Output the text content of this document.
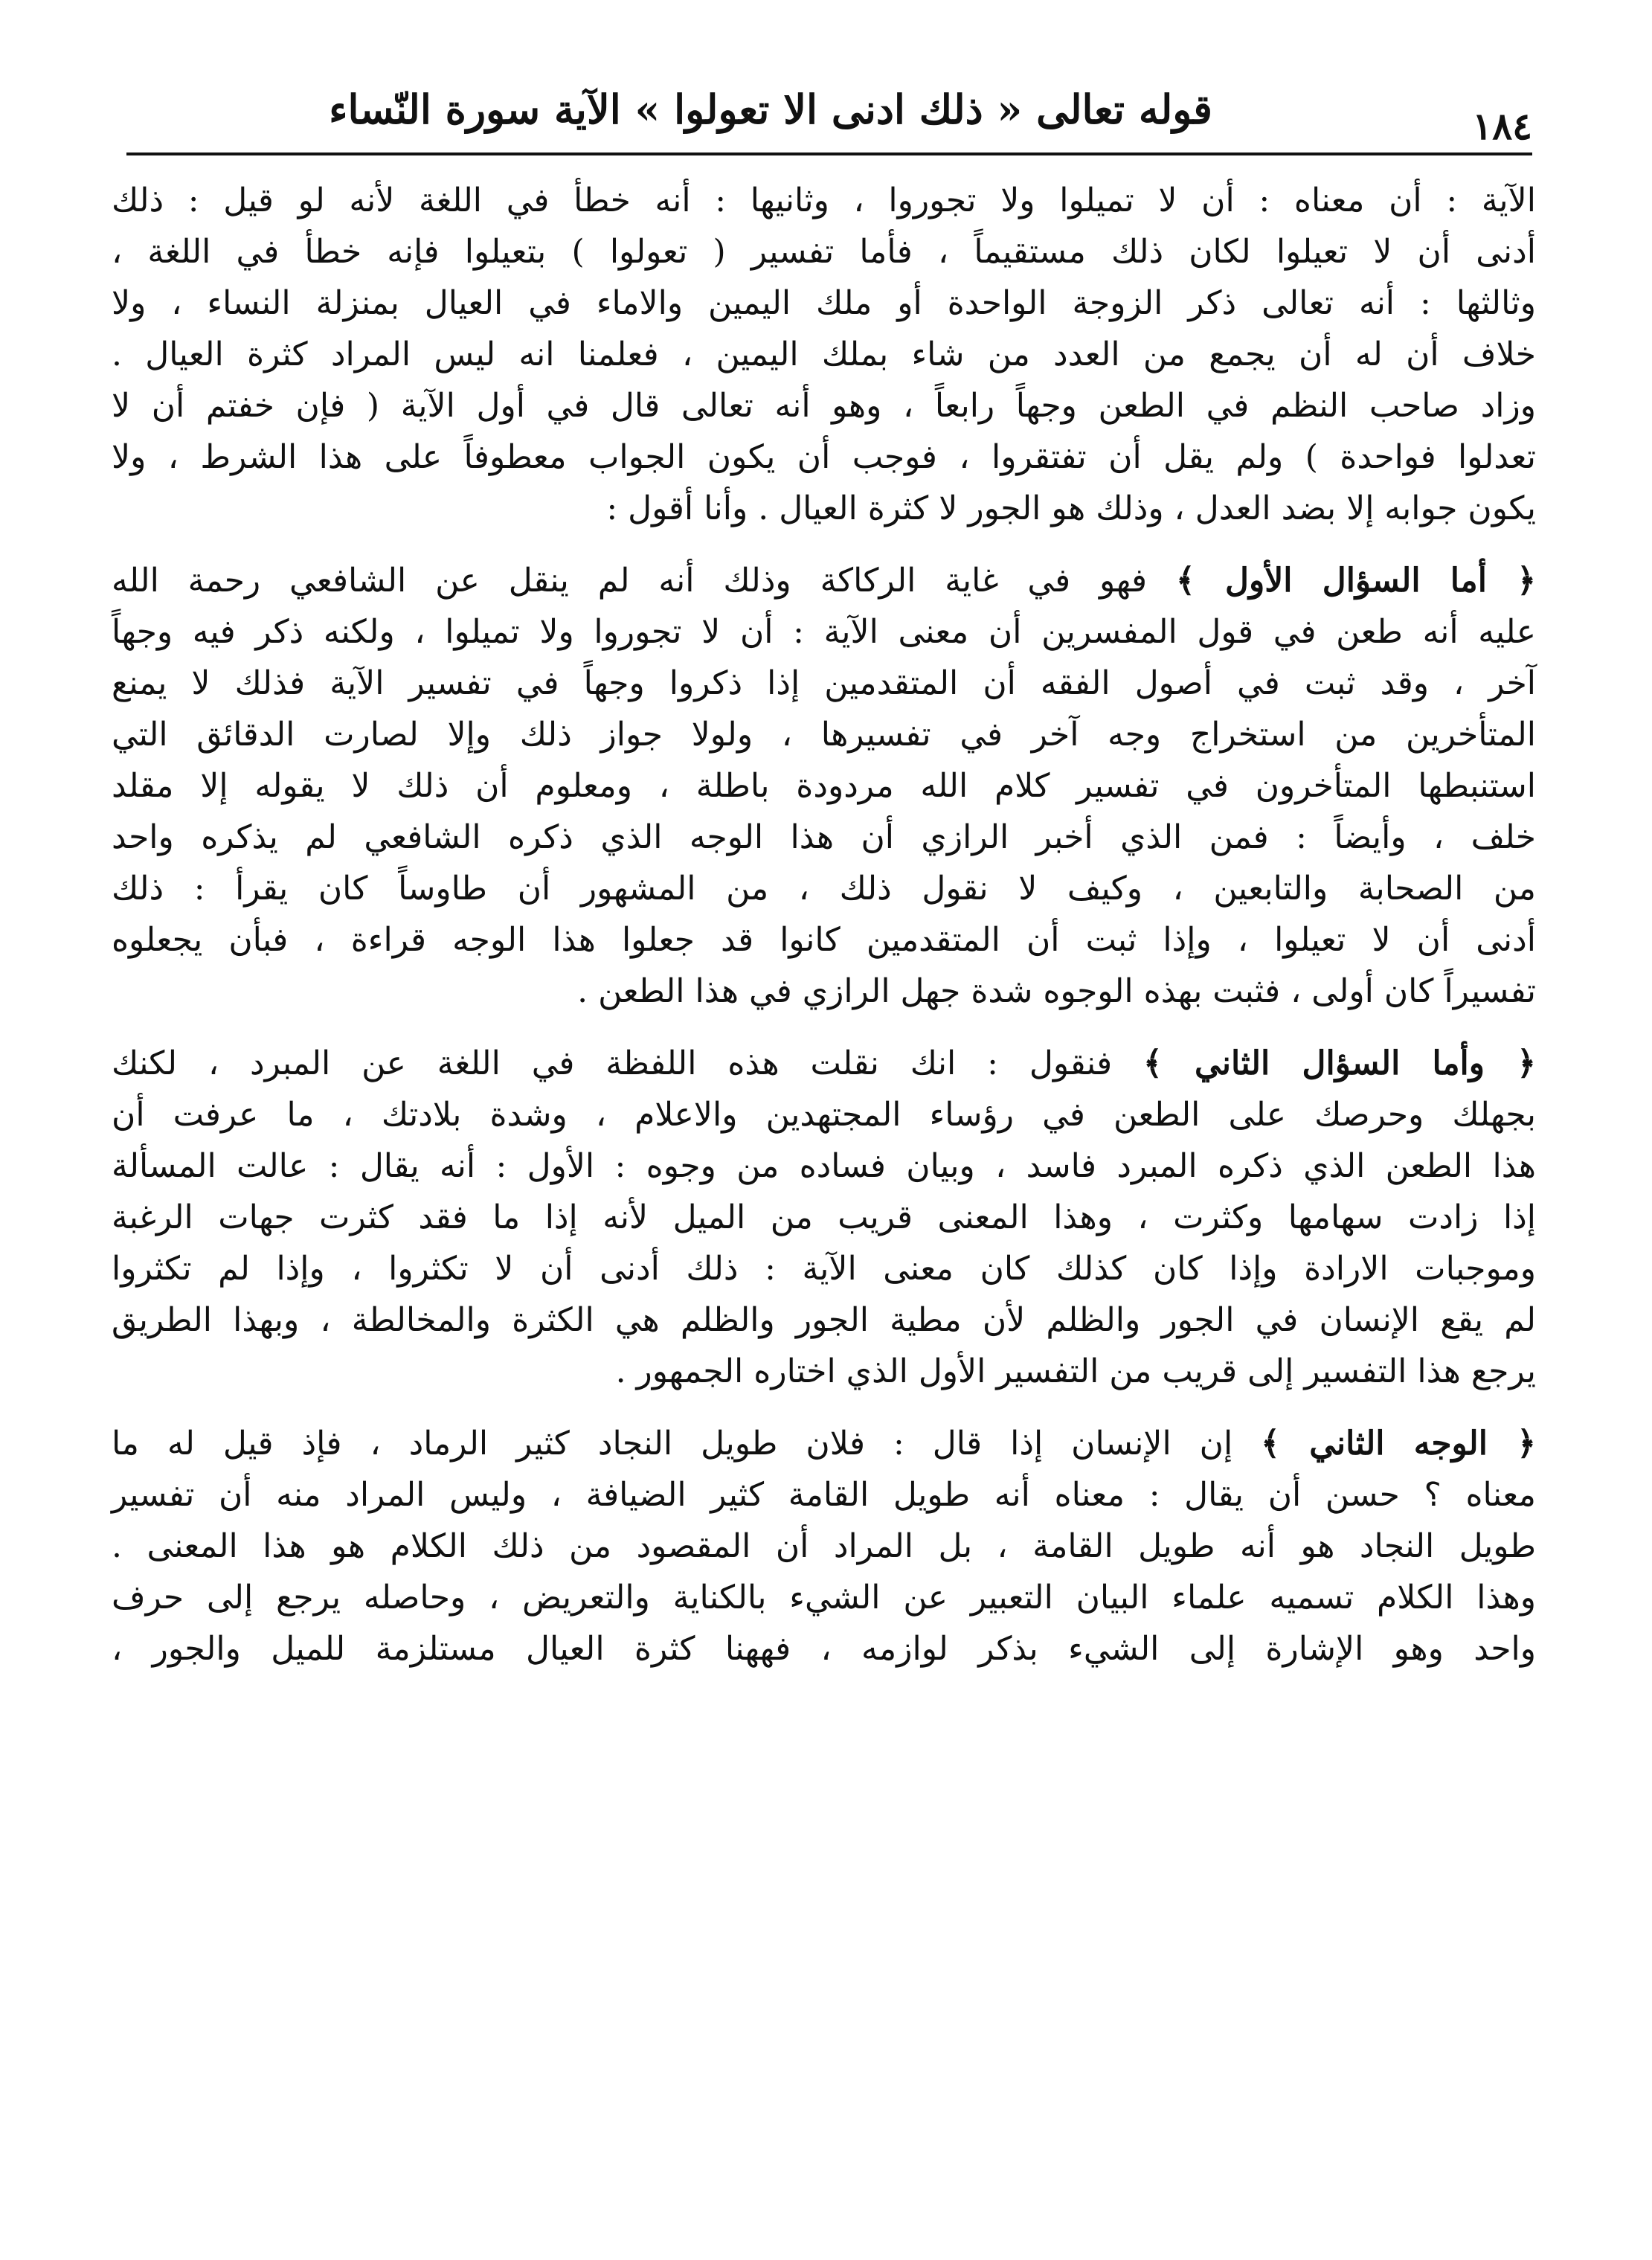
١٨٤
قوله تعالى « ذلك ادنى الا تعولوا » الآية سورة النّساء
الآية : أن معناه : أن لا تميلوا ولا تجوروا ، وثانيها : أنه خطأ في اللغة لأنه لو قيل : ذلك
أدنى أن لا تعيلوا لكان ذلك مستقيماً ، فأما تفسير ( تعولوا ) بتعيلوا فإنه خطأ في اللغة ،
وثالثها : أنه تعالى ذكر الزوجة الواحدة أو ملك اليمين والاماء في العيال بمنزلة النساء ، ولا
خلاف أن له أن يجمع من العدد من شاء بملك اليمين ، فعلمنا انه ليس المراد كثرة العيال .
وزاد صاحب النظم في الطعن وجهاً رابعاً ، وهو أنه تعالى قال في أول الآية ( فإن خفتم أن لا
تعدلوا فواحدة ) ولم يقل أن تفتقروا ، فوجب أن يكون الجواب معطوفاً على هذا الشرط ، ولا
يكون جوابه إلا بضد العدل ، وذلك هو الجور لا كثرة العيال . وأنا أقول :
﴿ أما السؤال الأول ﴾ فهو في غاية الركاكة وذلك أنه لم ينقل عن الشافعي رحمة الله
عليه أنه طعن في قول المفسرين أن معنى الآية : أن لا تجوروا ولا تميلوا ، ولكنه ذكر فيه وجهاً
آخر ، وقد ثبت في أصول الفقه أن المتقدمين إذا ذكروا وجهاً في تفسير الآية فذلك لا يمنع
المتأخرين من استخراج وجه آخر في تفسيرها ، ولولا جواز ذلك وإلا لصارت الدقائق التي
استنبطها المتأخرون في تفسير كلام الله مردودة باطلة ، ومعلوم أن ذلك لا يقوله إلا مقلد
خلف ، وأيضاً : فمن الذي أخبر الرازي أن هذا الوجه الذي ذكره الشافعي لم يذكره واحد
من الصحابة والتابعين ، وكيف لا نقول ذلك ، من المشهور أن طاوساً كان يقرأ : ذلك
أدنى أن لا تعيلوا ، وإذا ثبت أن المتقدمين كانوا قد جعلوا هذا الوجه قراءة ، فبأن يجعلوه
تفسيراً كان أولى ، فثبت بهذه الوجوه شدة جهل الرازي في هذا الطعن .
﴿ وأما السؤال الثاني ﴾ فنقول : انك نقلت هذه اللفظة في اللغة عن المبرد ، لكنك
بجهلك وحرصك على الطعن في رؤساء المجتهدين والاعلام ، وشدة بلادتك ، ما عرفت أن
هذا الطعن الذي ذكره المبرد فاسد ، وبيان فساده من وجوه : الأول : أنه يقال : عالت المسألة
إذا زادت سهامها وكثرت ، وهذا المعنى قريب من الميل لأنه إذا ما فقد كثرت جهات الرغبة
وموجبات الارادة وإذا كان كذلك كان معنى الآية : ذلك أدنى أن لا تكثروا ، وإذا لم تكثروا
لم يقع الإنسان في الجور والظلم لأن مطية الجور والظلم هي الكثرة والمخالطة ، وبهذا الطريق
يرجع هذا التفسير إلى قريب من التفسير الأول الذي اختاره الجمهور .
﴿ الوجه الثاني ﴾ إن الإنسان إذا قال : فلان طويل النجاد كثير الرماد ، فإذ قيل له ما
معناه ؟ حسن أن يقال : معناه أنه طويل القامة كثير الضيافة ، وليس المراد منه أن تفسير
طويل النجاد هو أنه طويل القامة ، بل المراد أن المقصود من ذلك الكلام هو هذا المعنى .
وهذا الكلام تسميه علماء البيان التعبير عن الشيء بالكناية والتعريض ، وحاصله يرجع إلى حرف
واحد وهو الإشارة إلى الشيء بذكر لوازمه ، فههنا كثرة العيال مستلزمة للميل والجور ،
